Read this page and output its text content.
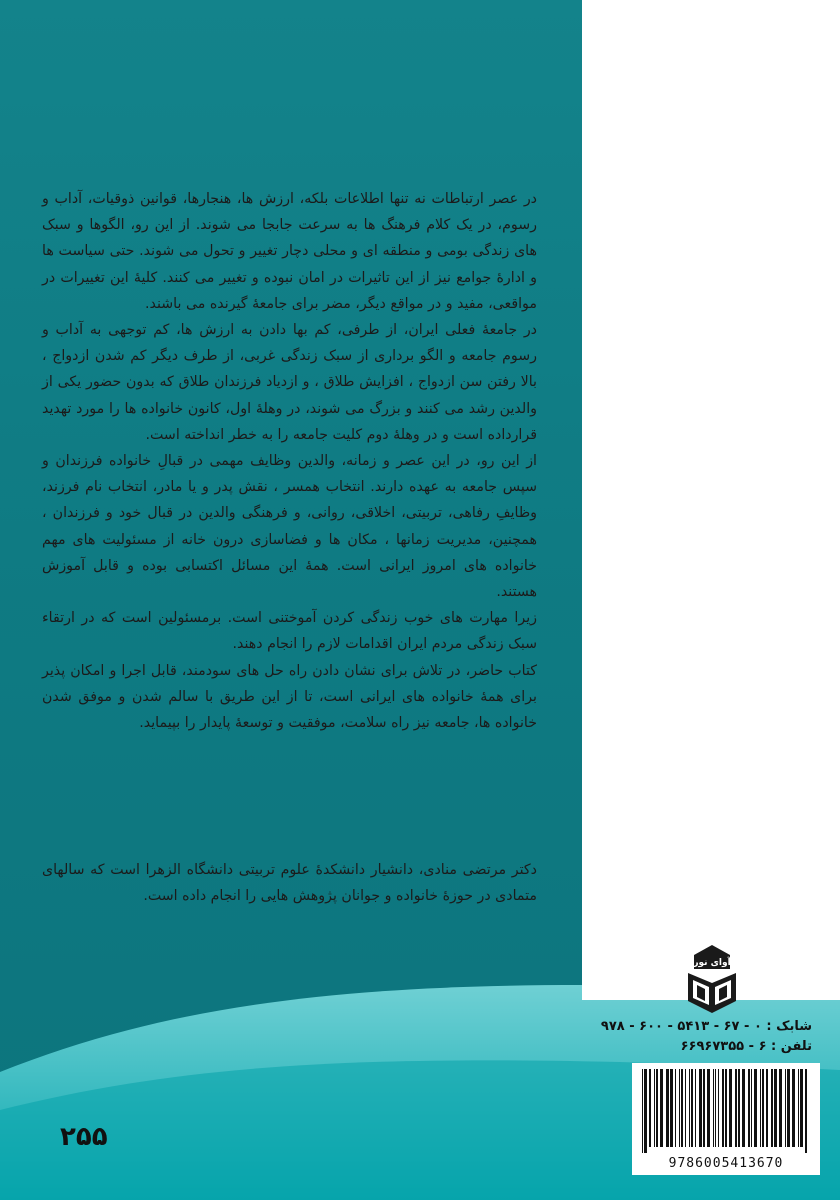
در عصر ارتباطات نه تنها اطلاعات بلکه، ارزش ها، هنجارها، قوانین ذوقیات، آداب و رسوم، در یک کلام فرهنگ ها به سرعت جابجا می شوند. از این رو، الگوها و سبک های زندگی بومی و منطقه ای و محلی دچار تغییر و تحول می شوند. حتی سیاست ها و ادارۀ جوامع نیز از این تاثیرات در امان نبوده و تغییر می کنند. کلیۀ این تغییرات در مواقعی، مفید و در مواقع دیگر، مضر برای جامعۀ گیرنده می باشند.

در جامعۀ فعلی ایران، از طرفی، کم بها دادن به ارزش ها، کم توجهی به آداب و رسوم جامعه و الگو برداری از سبک زندگی غربی، از طرف دیگر کم شدن ازدواج ، بالا رفتن سن ازدواج ، افزایش طلاق ، و ازدیاد فرزندان طلاق که بدون حضور یکی از والدین رشد می کنند و بزرگ می شوند، در وهلۀ اول، کانون خانواده ها را مورد تهدید قرارداده است و در وهلۀ دوم کلیت جامعه را به خطر انداخته است.

از این رو، در این عصر و زمانه، والدین وظایف مهمی در قبالِ خانواده فرزندان و سپس جامعه به عهده دارند. انتخاب همسر ، نقش پدر و یا مادر، انتخاب نام فرزند، وظایفِ رفاهی، تربیتی، اخلاقی، روانی، و فرهنگی والدین در قبال خود و فرزندان ، همچنین، مدیریت زمانها ، مکان ها و فضاسازی درون خانه از مسئولیت های مهم خانواده های امروز ایرانی است. همۀ این مسائل اکتسابی بوده و قابل آموزش هستند.

زیرا مهارت های خوب زندگی کردن آموختنی است. برمسئولین است که در ارتقاء سبک زندگی مردم ایران اقدامات لازم را انجام دهند.

کتاب حاضر، در تلاش برای نشان دادن راه حل های سودمند، قابل اجرا و امکان پذیر برای همۀ خانواده های ایرانی است، تا از این طریق با سالم شدن و موفق شدن خانواده ها، جامعه نیز راه سلامت، موفقیت و توسعۀ پایدار را بپیماید.

دکتر مرتضی منادی، دانشیار دانشکدۀ علوم تربیتی دانشگاه الزهرا است که سالهای متمادی در حوزۀ خانواده و جوانان پژوهش هایی را انجام داده است.

آوای نور
شابک : ۰ - ۶۷ - ۵۴۱۳ - ۶۰۰ - ۹۷۸
تلفن : ۶ - ۶۶۹۶۷۳۵۵
9786005413670
۲۵۵
